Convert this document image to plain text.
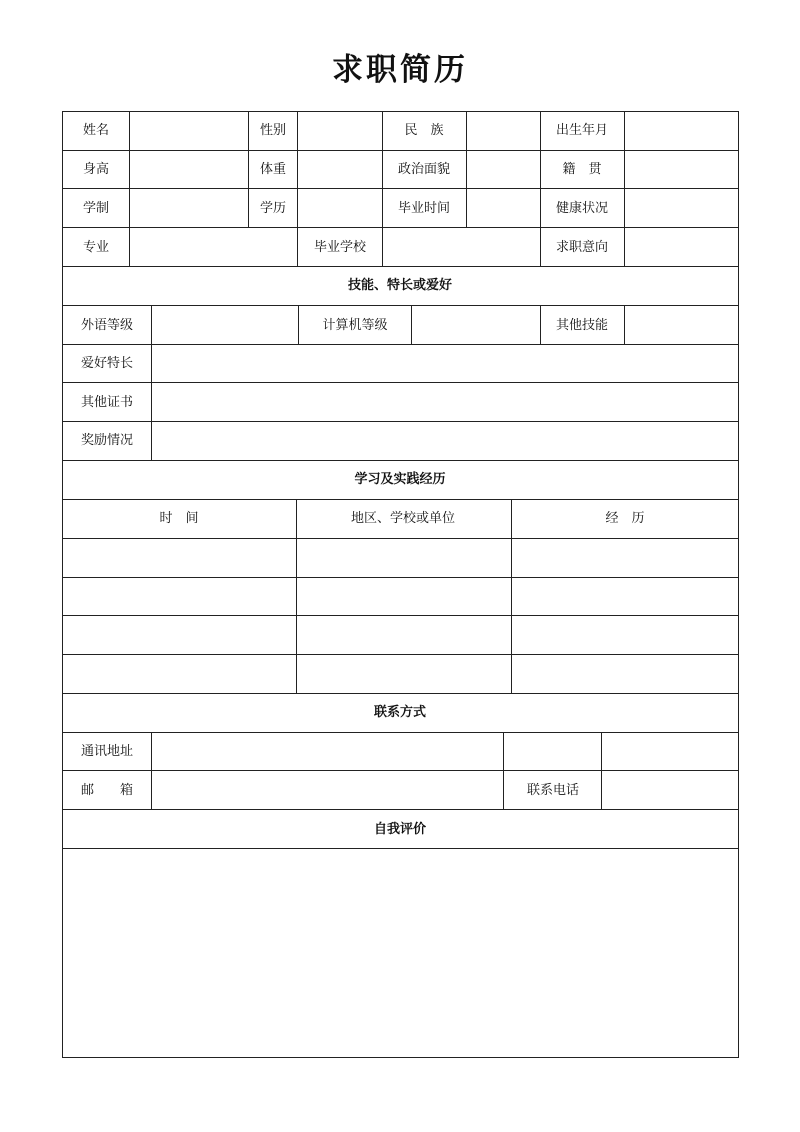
求职简历
姓名	性别	民　族	出生年月
身高	体重	政治面貌	籍　贯
学制	学历	毕业时间	健康状况
专业	毕业学校	求职意向
技能、特长或爱好
外语等级	计算机等级	其他技能
爱好特长
其他证书
奖励情况
学习及实践经历
时　间	地区、学校或单位	经　历
联系方式
通讯地址
邮　　箱	联系电话
自我评价
